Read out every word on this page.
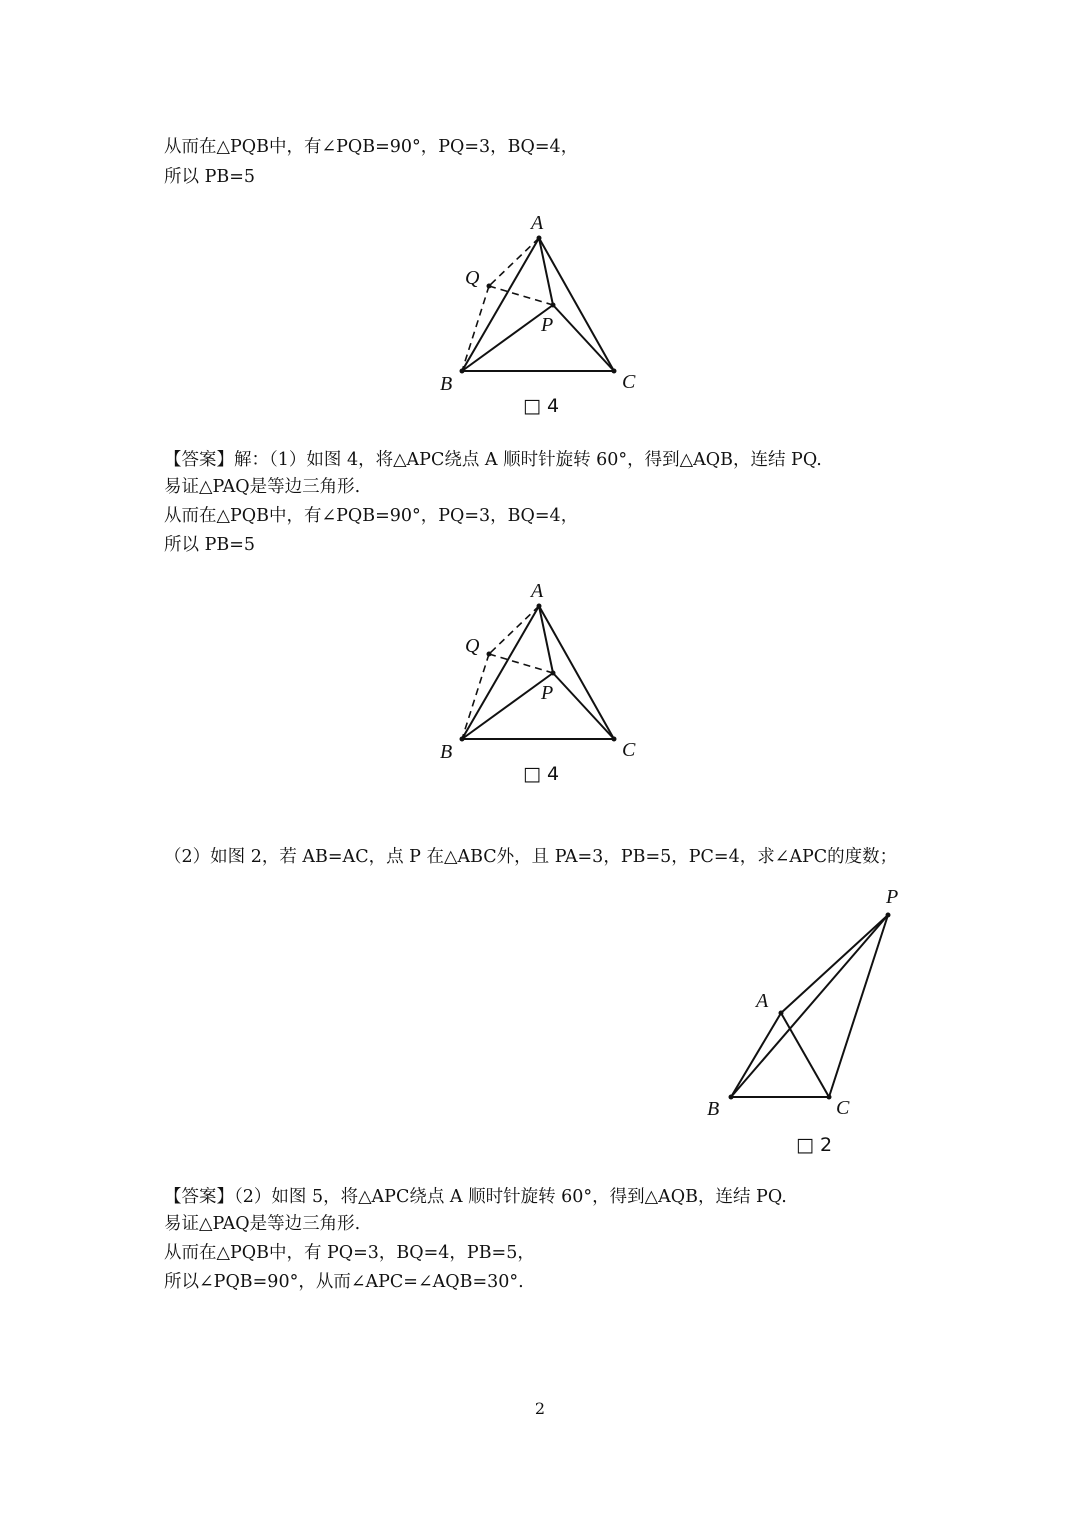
从而在△PQB中，有∠PQB=90°，PQ=3，BQ=4，
所以 PB=5
A
Q
P
B	C
□ 4
【答案】解：（1）如图 4，将△APC绕点 A 顺时针旋转 60°，得到△AQB，连结 PQ.
易证△PAQ是等边三角形.
从而在△PQB中，有∠PQB=90°，PQ=3，BQ=4，
所以 PB=5
A
Q
P
B	C
□ 4
（2）如图 2，若 AB=AC，点 P 在△ABC外，且 PA=3，PB=5，PC=4，求∠APC的度数；
P
A
B	C
□ 2
【答案】（2）如图 5，将△APC绕点 A 顺时针旋转 60°，得到△AQB，连结 PQ.
易证△PAQ是等边三角形.
从而在△PQB中，有 PQ=3，BQ=4，PB=5，
所以∠PQB=90°，从而∠APC=∠AQB=30°.
2
